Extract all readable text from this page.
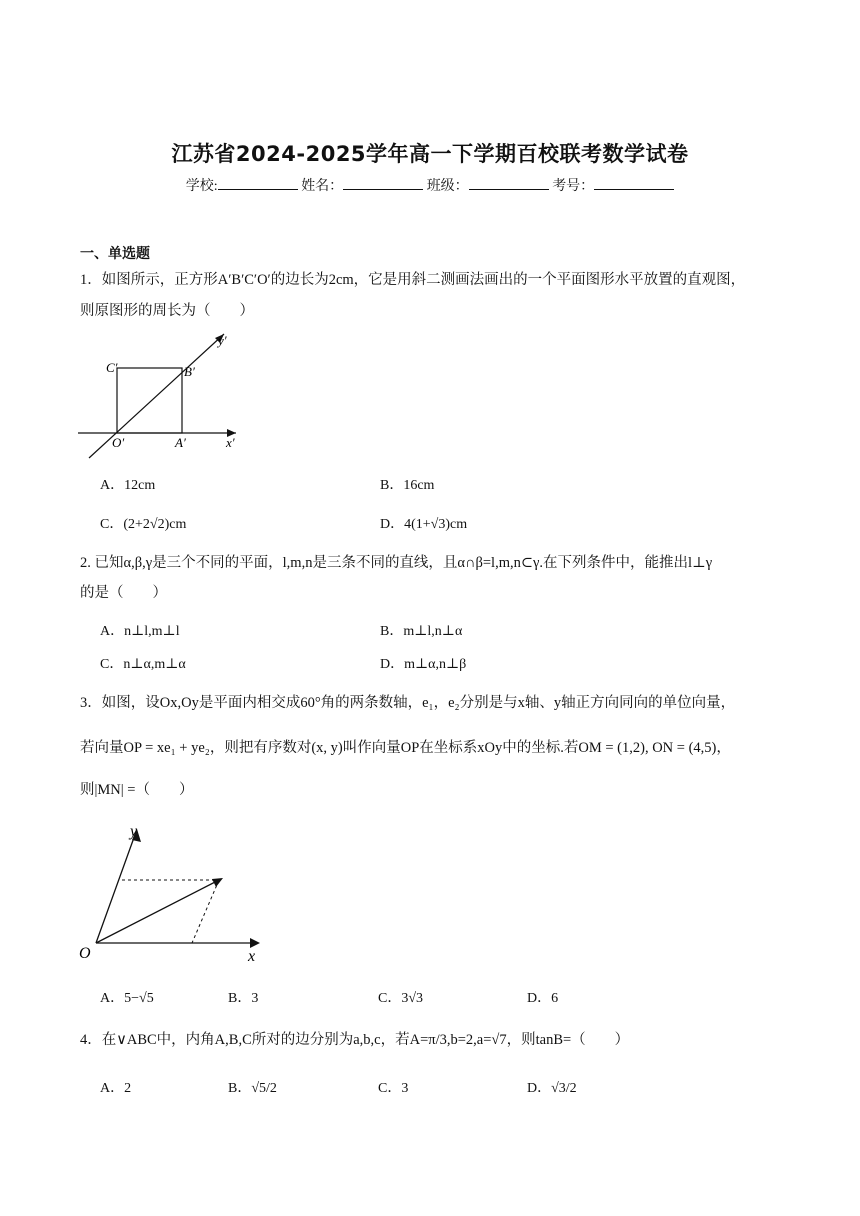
江苏省2024-2025学年高一下学期百校联考数学试卷
学校:	姓名：	班级：	考号：
一、单选题
1．如图所示，正方形A′B′C′O′的边长为2cm，它是用斜二测画法画出的一个平面图形水平放置的直观图，
则原图形的周长为（　　）
C′	B′
y′
O′	A′	x′
A．12cm	B．16cm
C．(2+2√2)cm	D．4(1+√3)cm
2. 已知α,β,γ是三个不同的平面，l,m,n是三条不同的直线，且α∩β=l,m,n⊂γ.在下列条件中，能推出l⊥γ
的是（　　）
A．n⊥l,m⊥l	B．m⊥l,n⊥α
C．n⊥α,m⊥α	D．m⊥α,n⊥β
3．如图，设Ox,Oy是平面内相交成60°角的两条数轴，e₁，e₂分别是与x轴、y轴正方向同向的单位向量，
若向量OP = xe₁ + ye₂，则把有序数对(x, y)叫作向量OP在坐标系xOy中的坐标.若OM = (1,2), ON = (4,5)，
则|MN| =（　　）
y
O	x
A．5−√5	B．3	C．3√3	D．6
4．在∨ABC中，内角A,B,C所对的边分别为a,b,c，若A=π/3,b=2,a=√7，则tanB=（　　）
A．2	B．√5/2	C．3	D．√3/2
